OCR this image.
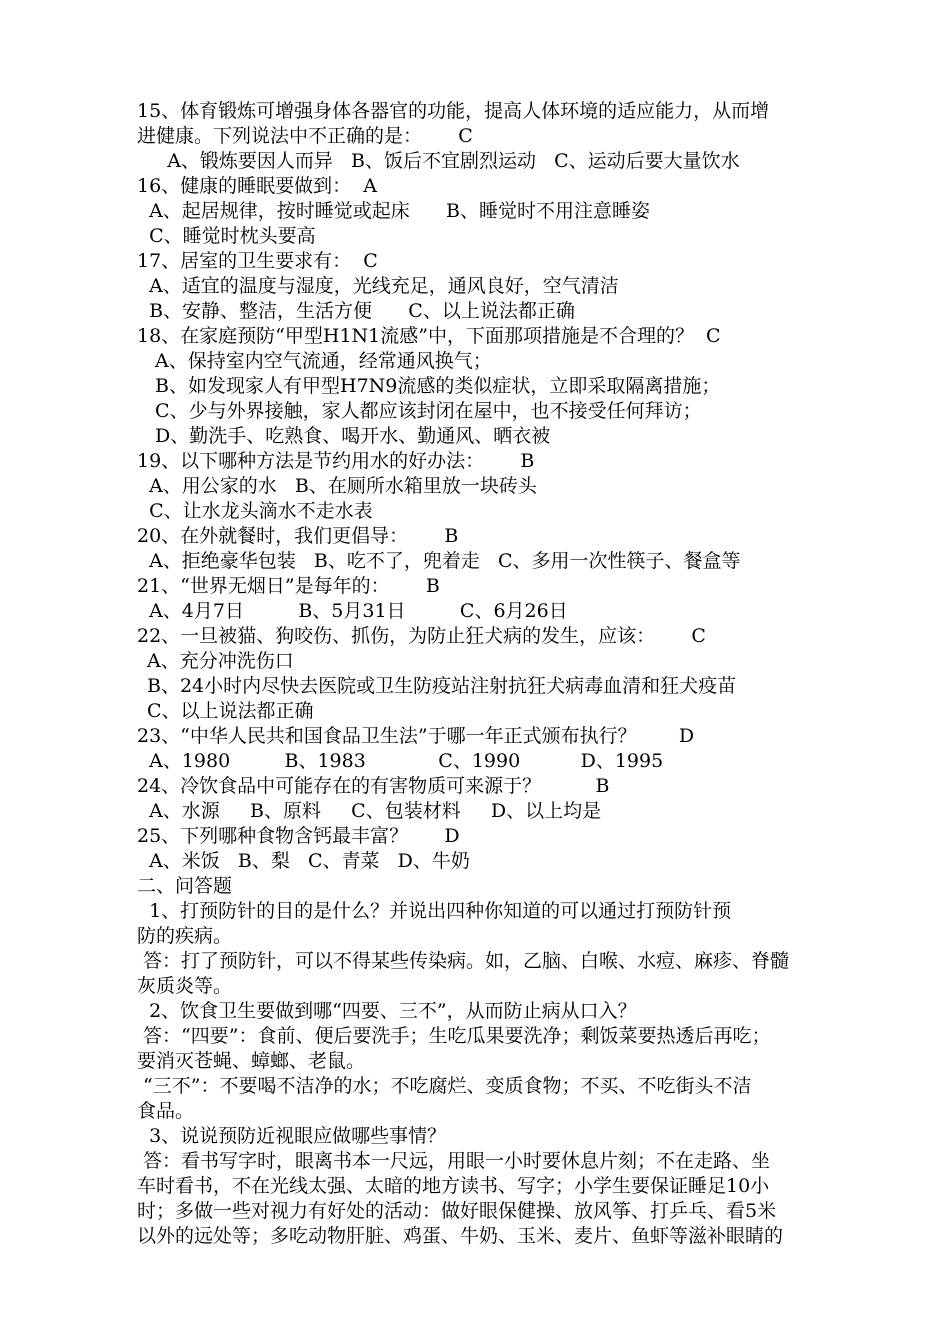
15、体育锻炼可增强身体各器官的功能，提高人体环境的适应能力，从而增
进健康。下列说法中不正确的是：      C
A、锻炼要因人而异   B、饭后不宜剧烈运动   C、运动后要大量饮水
16、健康的睡眠要做到：  A
A、起居规律，按时睡觉或起床      B、睡觉时不用注意睡姿
C、睡觉时枕头要高
17、居室的卫生要求有：  C
A、适宜的温度与湿度，光线充足，通风良好，空气清洁
B、安静、整洁，生活方便      C、以上说法都正确
18、在家庭预防“甲型H1N1流感”中，下面那项措施是不合理的？  C
A、保持室内空气流通，经常通风换气；
B、如发现家人有甲型H7N9流感的类似症状，立即采取隔离措施；
C、少与外界接触，家人都应该封闭在屋中，也不接受任何拜访；
D、勤洗手、吃熟食、喝开水、勤通风、晒衣被
19、以下哪种方法是节约用水的好办法：      B
A、用公家的水   B、在厕所水箱里放一块砖头
C、让水龙头滴水不走水表
20、在外就餐时，我们更倡导：      B
A、拒绝豪华包装   B、吃不了，兜着走   C、多用一次性筷子、餐盒等
21、“世界无烟日”是每年的：      B
A、4月7日         B、5月31日         C、6月26日
22、一旦被猫、狗咬伤、抓伤，为防止狂犬病的发生，应该：      C
A、充分冲洗伤口
B、24小时内尽快去医院或卫生防疫站注射抗狂犬病毒血清和狂犬疫苗
C、以上说法都正确
23、“中华人民共和国食品卫生法”于哪一年正式颁布执行？       D
A、1980         B、1983            C、1990          D、1995
24、冷饮食品中可能存在的有害物质可来源于？         B
A、水源     B、原料     C、包装材料     D、以上均是
25、下列哪种食物含钙最丰富？      D
A、米饭   B、梨   C、青菜   D、牛奶
二、问答题
1、打预防针的目的是什么？并说出四种你知道的可以通过打预防针预
防的疾病。
答：打了预防针，可以不得某些传染病。如，乙脑、白喉、水痘、麻疹、脊髓
灰质炎等。
2、饮食卫生要做到哪“四要、三不”，从而防止病从口入？
答：“四要”：食前、便后要洗手；生吃瓜果要洗净；剩饭菜要热透后再吃；
要消灭苍蝇、蟑螂、老鼠。
“三不”：不要喝不洁净的水；不吃腐烂、变质食物；不买、不吃街头不洁
食品。
3、说说预防近视眼应做哪些事情？
答：看书写字时，眼离书本一尺远，用眼一小时要休息片刻；不在走路、坐
车时看书，不在光线太强、太暗的地方读书、写字；小学生要保证睡足10小
时；多做一些对视力有好处的活动：做好眼保健操、放风筝、打乒乓、看5米
以外的远处等；多吃动物肝脏、鸡蛋、牛奶、玉米、麦片、鱼虾等滋补眼睛的
